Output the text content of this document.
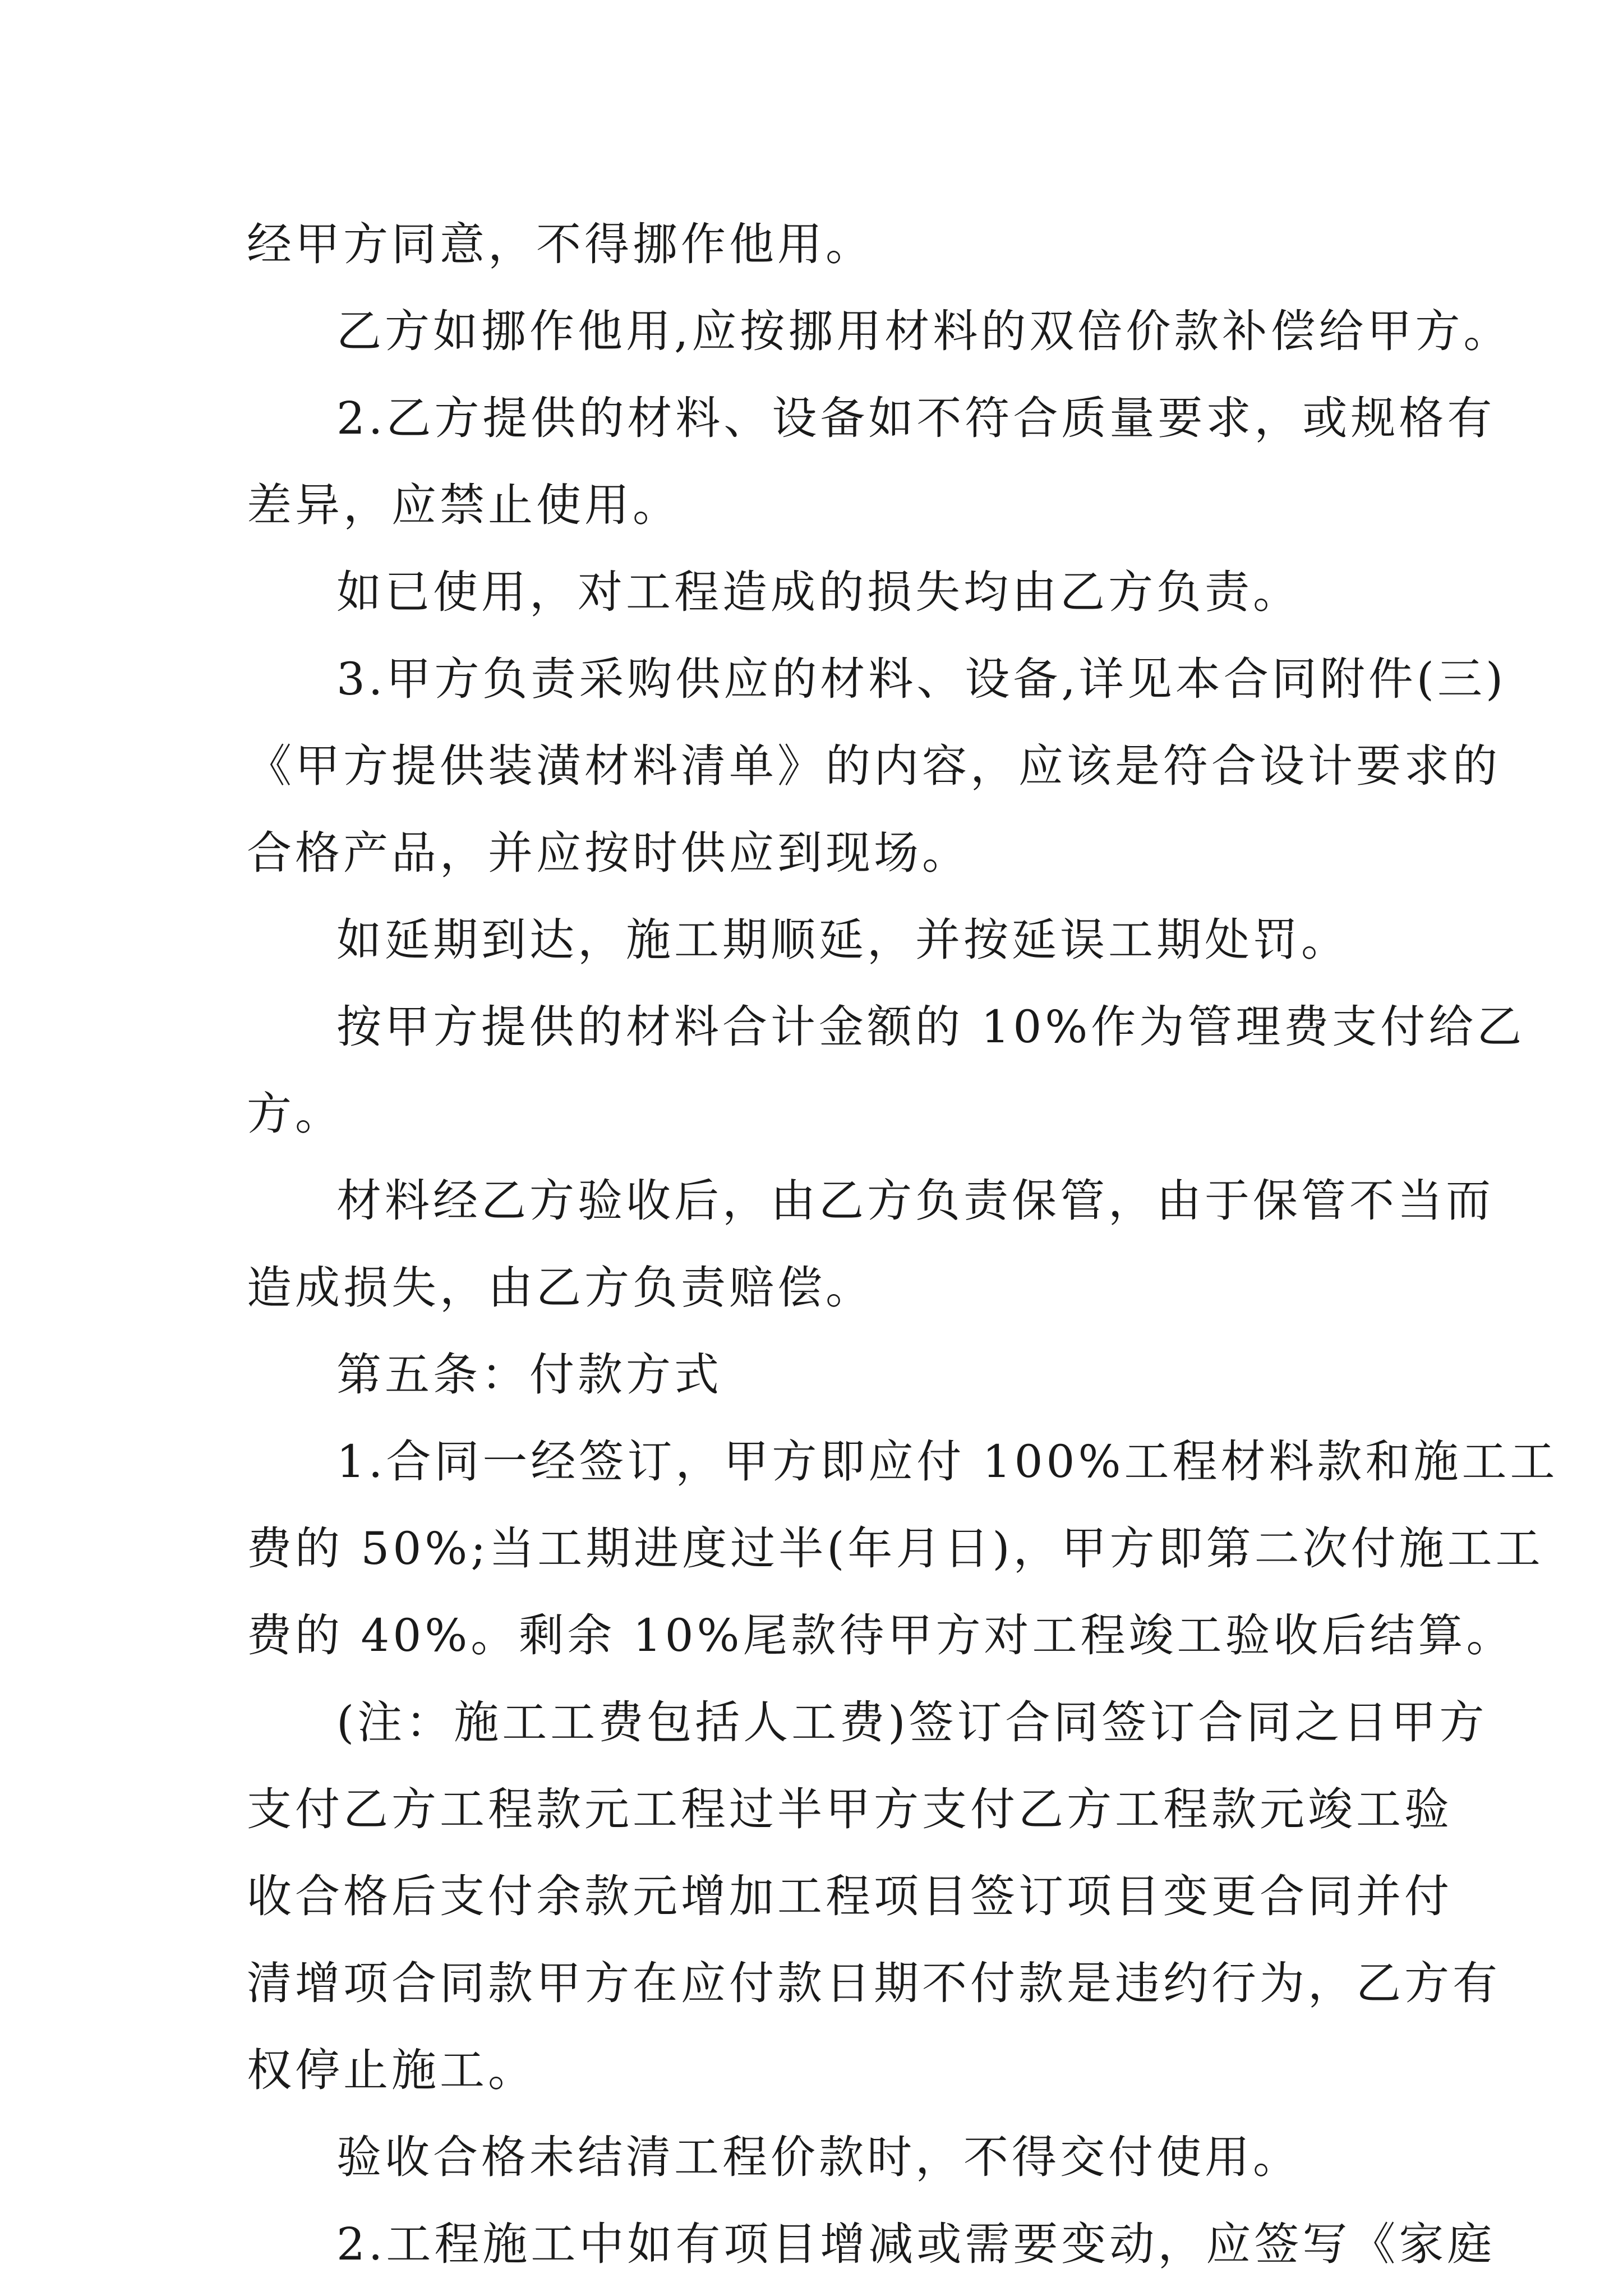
经甲方同意，不得挪作他用。
乙方如挪作他用,应按挪用材料的双倍价款补偿给甲方。
2.乙方提供的材料、设备如不符合质量要求，或规格有
差异，应禁止使用。
如已使用，对工程造成的损失均由乙方负责。
3.甲方负责采购供应的材料、设备,详见本合同附件(三)
《甲方提供装潢材料清单》的内容，应该是符合设计要求的
合格产品，并应按时供应到现场。
如延期到达，施工期顺延，并按延误工期处罚。
按甲方提供的材料合计金额的 10%作为管理费支付给乙
方。
材料经乙方验收后，由乙方负责保管，由于保管不当而
造成损失，由乙方负责赔偿。
第五条：付款方式
1.合同一经签订，甲方即应付 100%工程材料款和施工工
费的 50%;当工期进度过半(年月日)，甲方即第二次付施工工
费的 40%。剩余 10%尾款待甲方对工程竣工验收后结算。
(注：施工工费包括人工费)签订合同签订合同之日甲方
支付乙方工程款元工程过半甲方支付乙方工程款元竣工验
收合格后支付余款元增加工程项目签订项目变更合同并付
清增项合同款甲方在应付款日期不付款是违约行为，乙方有
权停止施工。
验收合格未结清工程价款时，不得交付使用。
2.工程施工中如有项目增减或需要变动，应签写《家庭
